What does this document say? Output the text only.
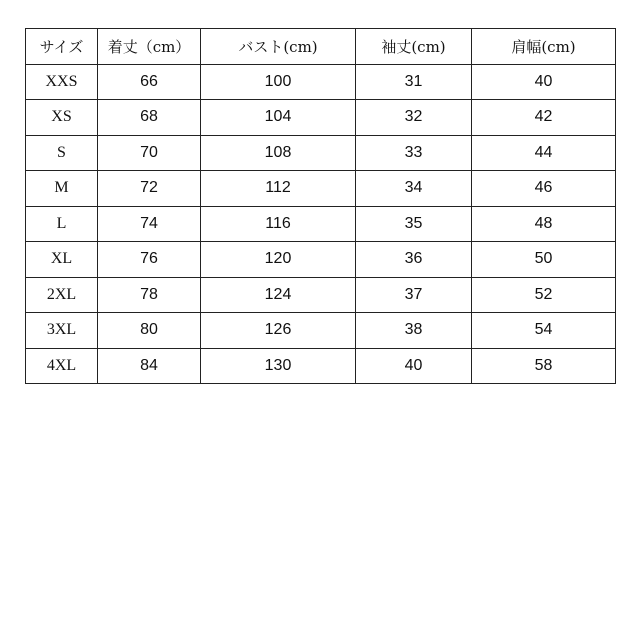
サイズ	着丈（cm）	バスト(cm)	袖丈(cm)	肩幅(cm)
XXS	66	100	31	40
XS	68	104	32	42
S	70	108	33	44
M	72	112	34	46
L	74	116	35	48
XL	76	120	36	50
2XL	78	124	37	52
3XL	80	126	38	54
4XL	84	130	40	58
